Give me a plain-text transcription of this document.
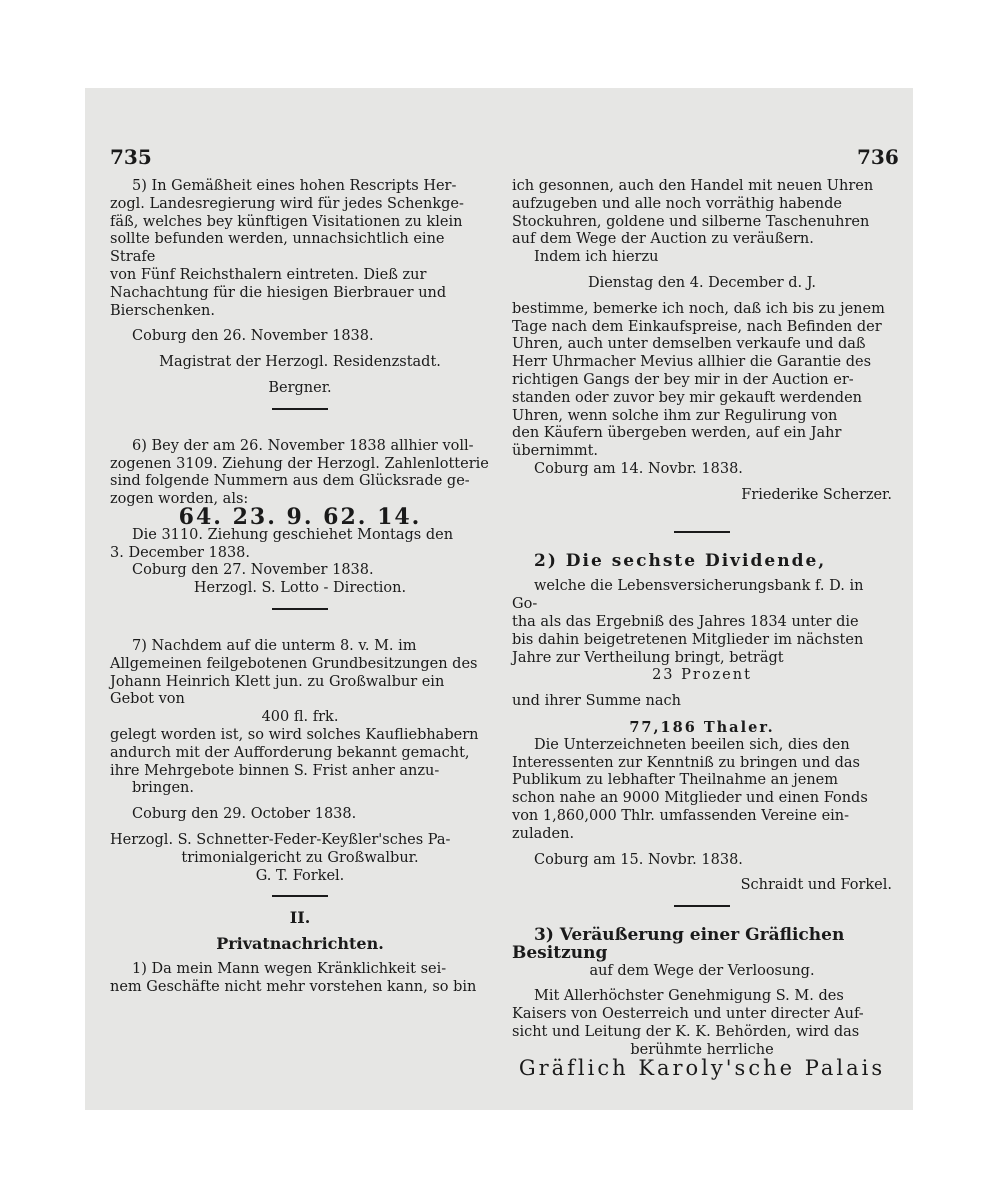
735	736

5) In Gemäßheit eines hohen Rescripts Her-

zogl. Landesregierung wird für jedes Schenkge-

fäß, welches bey künftigen Visitationen zu klein

sollte befunden werden, unnachsichtlich eine Strafe

von Fünf Reichsthalern eintreten. Dieß zur

Nachachtung für die hiesigen Bierbrauer und

Bierschenken.

Coburg den 26. November 1838.

Magistrat der Herzogl. Residenzstadt.

Bergner.

6) Bey der am 26. November 1838 allhier voll-

zogenen 3109. Ziehung der Herzogl. Zahlenlotterie

sind folgende Nummern aus dem Glücksrade ge-

zogen worden, als:

64. 23. 9. 62. 14.

Die 3110. Ziehung geschiehet Montags den

3. December 1838.

Coburg den 27. November 1838.

Herzogl. S. Lotto - Direction.

7) Nachdem auf die unterm 8. v. M. im

Allgemeinen feilgebotenen Grundbesitzungen des

Johann Heinrich Klett jun. zu Großwalbur ein

Gebot von

400 fl. frk.

gelegt worden ist, so wird solches Kaufliebhabern

andurch mit der Aufforderung bekannt gemacht,

ihre Mehrgebote binnen S. Frist anher anzu-

bringen.

Coburg den 29. October 1838.

Herzogl. S. Schnetter-Feder-Keyßler'sches Pa-

trimonialgericht zu Großwalbur.

G. T. Forkel.

II.

Privatnachrichten.

1) Da mein Mann wegen Kränklichkeit sei-

nem Geschäfte nicht mehr vorstehen kann, so bin

ich gesonnen, auch den Handel mit neuen Uhren

aufzugeben und alle noch vorräthig habende

Stockuhren, goldene und silberne Taschenuhren

auf dem Wege der Auction zu veräußern.

Indem ich hierzu

Dienstag den 4. December d. J.

bestimme, bemerke ich noch, daß ich bis zu jenem

Tage nach dem Einkaufspreise, nach Befinden der

Uhren, auch unter demselben verkaufe und daß

Herr Uhrmacher Mevius allhier die Garantie des

richtigen Gangs der bey mir in der Auction er-

standen oder zuvor bey mir gekauft werdenden

Uhren, wenn solche ihm zur Regulirung von

den Käufern übergeben werden, auf ein Jahr

übernimmt.

Coburg am 14. Novbr. 1838.

Friederike Scherzer.

2) Die sechste Dividende,

welche die Lebensversicherungsbank f. D. in Go-

tha als das Ergebniß des Jahres 1834 unter die

bis dahin beigetretenen Mitglieder im nächsten

Jahre zur Vertheilung bringt, beträgt

23 Prozent

und ihrer Summe nach

77,186 Thaler.

Die Unterzeichneten beeilen sich, dies den

Interessenten zur Kenntniß zu bringen und das

Publikum zu lebhafter Theilnahme an jenem

schon nahe an 9000 Mitglieder und einen Fonds

von 1,860,000 Thlr. umfassenden Vereine ein-

zuladen.

Coburg am 15. Novbr. 1838.

Schraidt und Forkel.

3) Veräußerung einer Gräflichen Besitzung

auf dem Wege der Verloosung.

Mit Allerhöchster Genehmigung S. M. des

Kaisers von Oesterreich und unter directer Auf-

sicht und Leitung der K. K. Behörden, wird das

berühmte herrliche

Gräflich Karoly'sche Palais
